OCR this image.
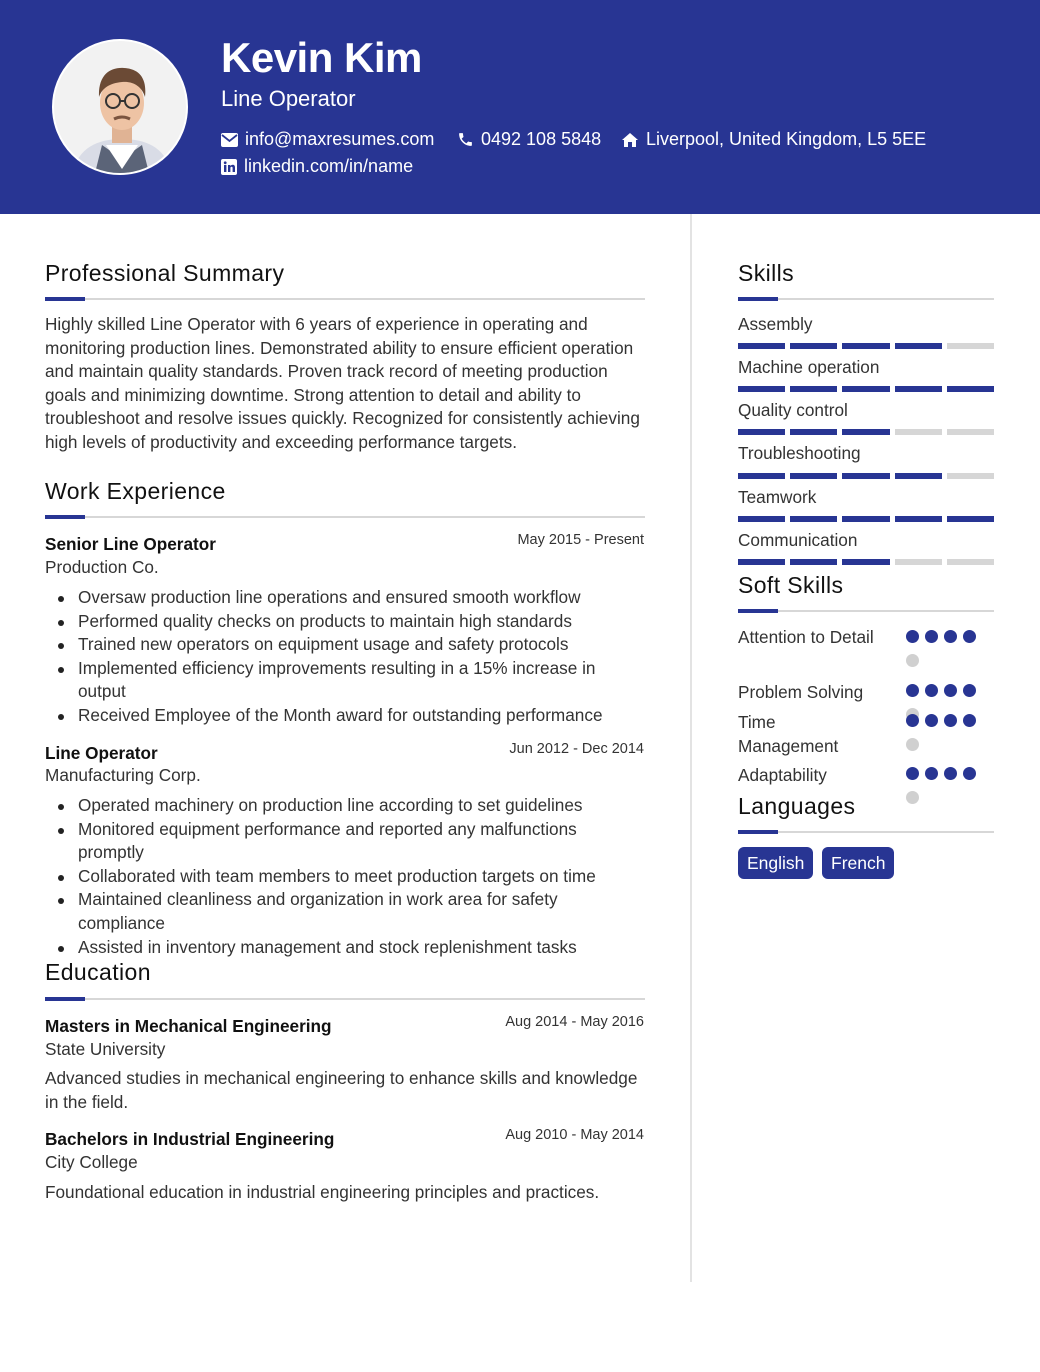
Kevin Kim
Line Operator
info@maxresumes.com	0492 108 5848 Liverpool, United Kingdom, L5 5EE
linkedin.com/in/name
Professional Summary
Highly skilled Line Operator with 6 years of experience in operating and monitoring production lines. Demonstrated ability to ensure efficient operation and maintain quality standards. Proven track record of meeting production goals and minimizing downtime. Strong attention to detail and ability to troubleshoot and resolve issues quickly. Recognized for consistently achieving high levels of productivity and exceeding performance targets.
Work Experience
Senior Line Operator	May 2015 - Present
Production Co.
Oversaw production line operations and ensured smooth workflow
Performed quality checks on products to maintain high standards
Trained new operators on equipment usage and safety protocols
Implemented efficiency improvements resulting in a 15% increase in output
Received Employee of the Month award for outstanding performance
Line Operator	Jun 2012 - Dec 2014
Manufacturing Corp.
Operated machinery on production line according to set guidelines
Monitored equipment performance and reported any malfunctions promptly
Collaborated with team members to meet production targets on time
Maintained cleanliness and organization in work area for safety compliance
Assisted in inventory management and stock replenishment tasks
Education
Masters in Mechanical Engineering	Aug 2014 - May 2016
State University
Advanced studies in mechanical engineering to enhance skills and knowledge in the field.
Bachelors in Industrial Engineering	Aug 2010 - May 2014
City College
Foundational education in industrial engineering principles and practices.
Skills
Assembly
Machine operation
Quality control
Troubleshooting
Teamwork
Communication
Soft Skills
Attention to Detail
Problem Solving
Time Management
Adaptability
Languages
English	French
